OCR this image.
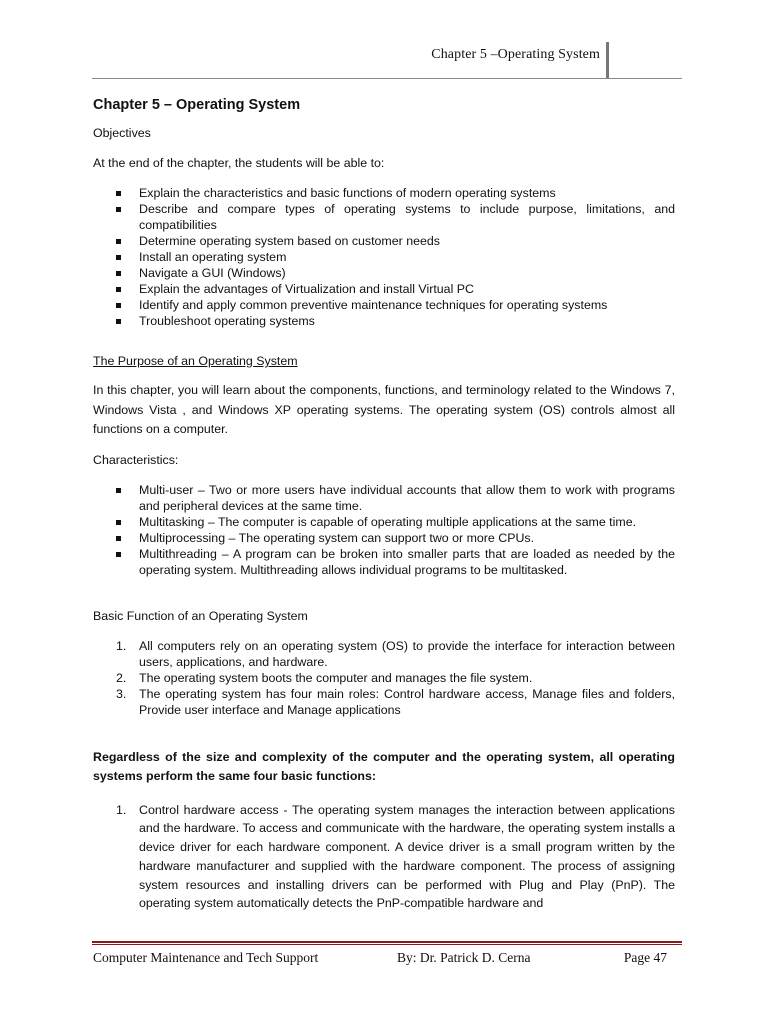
Chapter 5 –Operating System
Chapter 5 – Operating System

Objectives

At the end of the chapter, the students will be able to:

Explain the characteristics and basic functions of modern operating systems
Describe and compare types of operating systems to include purpose, limitations, and compatibilities
Determine operating system based on customer needs
Install an operating system
Navigate a GUI (Windows)
Explain the advantages of Virtualization and install Virtual PC
Identify and apply common preventive maintenance techniques for operating systems
Troubleshoot operating systems

The Purpose of an Operating System

In this chapter, you will learn about the components, functions, and terminology related to the Windows 7, Windows Vista , and Windows XP operating systems. The operating system (OS) controls almost all functions on a computer.

Characteristics:

Multi-user – Two or more users have individual accounts that allow them to work with programs and peripheral devices at the same time.
Multitasking – The computer is capable of operating multiple applications at the same time.
Multiprocessing – The operating system can support two or more CPUs.
Multithreading – A program can be broken into smaller parts that are loaded as needed by the operating system. Multithreading allows individual programs to be multitasked.

Basic Function of an Operating System

1. All computers rely on an operating system (OS) to provide the interface for interaction between users, applications, and hardware.
2. The operating system boots the computer and manages the file system.
3. The operating system has four main roles: Control hardware access, Manage files and folders, Provide user interface and Manage applications

Regardless of the size and complexity of the computer and the operating system, all operating systems perform the same four basic functions:

1. Control hardware access - The operating system manages the interaction between applications and the hardware. To access and communicate with the hardware, the operating system installs a device driver for each hardware component. A device driver is a small program written by the hardware manufacturer and supplied with the hardware component. The process of assigning system resources and installing drivers can be performed with Plug and Play (PnP). The operating system automatically detects the PnP-compatible hardware and
Computer Maintenance and Tech Support	By: Dr. Patrick D. Cerna	Page 47
